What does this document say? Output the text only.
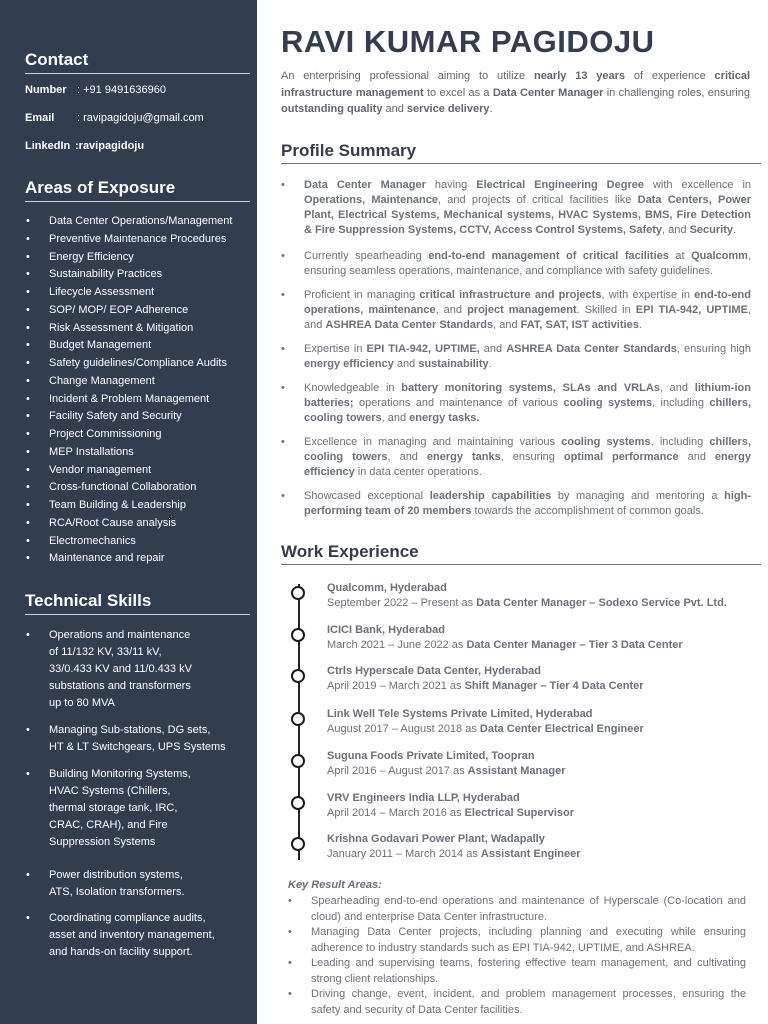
Contact
Number : +91 9491636960
Email	: ravipagidoju@gmail.com
LinkedIn :ravipagidoju
Areas of Exposure
• Data Center Operations/Management
• Preventive Maintenance Procedures
• Energy Efficiency
• Sustainability Practices
• Lifecycle Assessment
• SOP/ MOP/ EOP Adherence
• Risk Assessment & Mitigation
• Budget Management
• Safety guidelines/Compliance Audits
• Change Management
• Incident & Problem Management
• Facility Safety and Security
• Project Commissioning
• MEP Installations
• Vendor management
• Cross-functional Collaboration
• Team Building & Leadership
• RCA/Root Cause analysis
• Electromechanics
• Maintenance and repair
Technical Skills
• Operations and maintenance
of 11/132 KV, 33/11 kV,
33/0.433 KV and 11/0.433 kV
substations and transformers
up to 80 MVA
• Managing Sub-stations, DG sets,
HT & LT Switchgears, UPS Systems
• Building Monitoring Systems,
HVAC Systems (Chillers,
thermal storage tank, IRC,
CRAC, CRAH), and Fire
Suppression Systems
• Power distribution systems,
ATS, Isolation transformers.
• Coordinating compliance audits,
asset and inventory management,
and hands-on facility support.
RAVI KUMAR PAGIDOJU
An enterprising professional aiming to utilize nearly 13 years of experience critical infrastructure management to excel as a Data Center Manager in challenging roles, ensuring outstanding quality and service delivery.
Profile Summary
• Data Center Manager having Electrical Engineering Degree with excellence in Operations, Maintenance, and projects of critical facilities like Data Centers, Power Plant, Electrical Systems, Mechanical systems, HVAC Systems, BMS, Fire Detection & Fire Suppression Systems, CCTV, Access Control Systems, Safety, and Security.
• Currently spearheading end-to-end management of critical facilities at Qualcomm, ensuring seamless operations, maintenance, and compliance with safety guidelines.
• Proficient in managing critical infrastructure and projects, with expertise in end-to-end operations, maintenance, and project management. Skilled in EPI TIA-942, UPTIME, and ASHREA Data Center Standards, and FAT, SAT, IST activities.
• Expertise in EPI TIA-942, UPTIME, and ASHREA Data Center Standards, ensuring high energy efficiency and sustainability.
• Knowledgeable in battery monitoring systems, SLAs and VRLAs, and lithium-ion batteries; operations and maintenance of various cooling systems, including chillers, cooling towers, and energy tasks.
• Excellence in managing and maintaining various cooling systems, including chillers, cooling towers, and energy tanks, ensuring optimal performance and energy efficiency in data center operations.
• Showcased exceptional leadership capabilities by managing and mentoring a high-performing team of 20 members towards the accomplishment of common goals.
Work Experience
Qualcomm, Hyderabad
September 2022 – Present as Data Center Manager – Sodexo Service Pvt. Ltd.
ICICI Bank, Hyderabad
March 2021 – June 2022 as Data Center Manager – Tier 3 Data Center
Ctrls Hyperscale Data Center, Hyderabad
April 2019 – March 2021 as Shift Manager – Tier 4 Data Center
Link Well Tele Systems Private Limited, Hyderabad
August 2017 – August 2018 as Data Center Electrical Engineer
Suguna Foods Private Limited, Toopran
April 2016 – August 2017 as Assistant Manager
VRV Engineers India LLP, Hyderabad
April 2014 – March 2016 as Electrical Supervisor
Krishna Godavari Power Plant, Wadapally
January 2011 – March 2014 as Assistant Engineer
Key Result Areas:
• Spearheading end-to-end operations and maintenance of Hyperscale (Co-location and cloud) and enterprise Data Center infrastructure.
• Managing Data Center projects, including planning and executing while ensuring adherence to industry standards such as EPI TIA-942, UPTIME, and ASHREA.
• Leading and supervising teams, fostering effective team management, and cultivating strong client relationships.
• Driving change, event, incident, and problem management processes, ensuring the safety and security of Data Center facilities.
